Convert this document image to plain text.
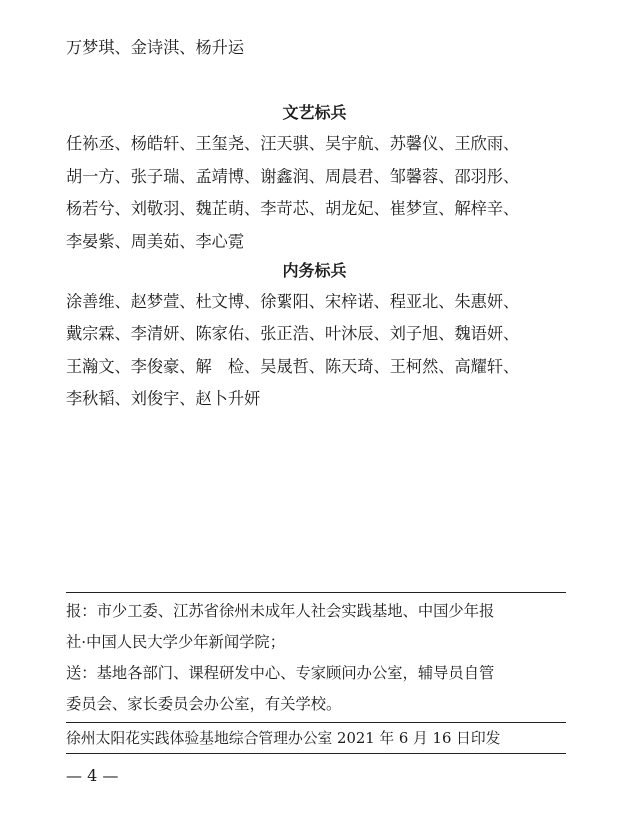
万梦琪、金诗淇、杨升运
文艺标兵
任袮丞、杨皓轩、王玺尧、汪天骐、吴宇航、苏馨仪、王欣雨、
胡一方、张子瑞、孟靖博、谢鑫润、周晨君、邹馨蓉、邵羽彤、
杨若兮、刘敬羽、魏芷萌、李苛芯、胡龙妃、崔梦宣、解梓辛、
李晏紫、周美茹、李心霓
内务标兵
涂善维、赵梦萱、杜文博、徐綤阳、宋梓诺、程亚北、朱惠妍、
戴宗霖、李清妍、陈家佑、张正浩、叶沐辰、刘子旭、魏语妍、
王瀚文、李俊豪、解　检、吴晟哲、陈天琦、王柯然、高耀轩、
李秋韬、刘俊宇、赵卜升妍
报：市少工委、江苏省徐州未成年人社会实践基地、中国少年报
社·中国人民大学少年新闻学院；
送：基地各部门、课程研发中心、专家顾问办公室，辅导员自管
委员会、家长委员会办公室，有关学校。
徐州太阳花实践体验基地综合管理办公室 2021 年 6 月 16 日印发
— 4 —
